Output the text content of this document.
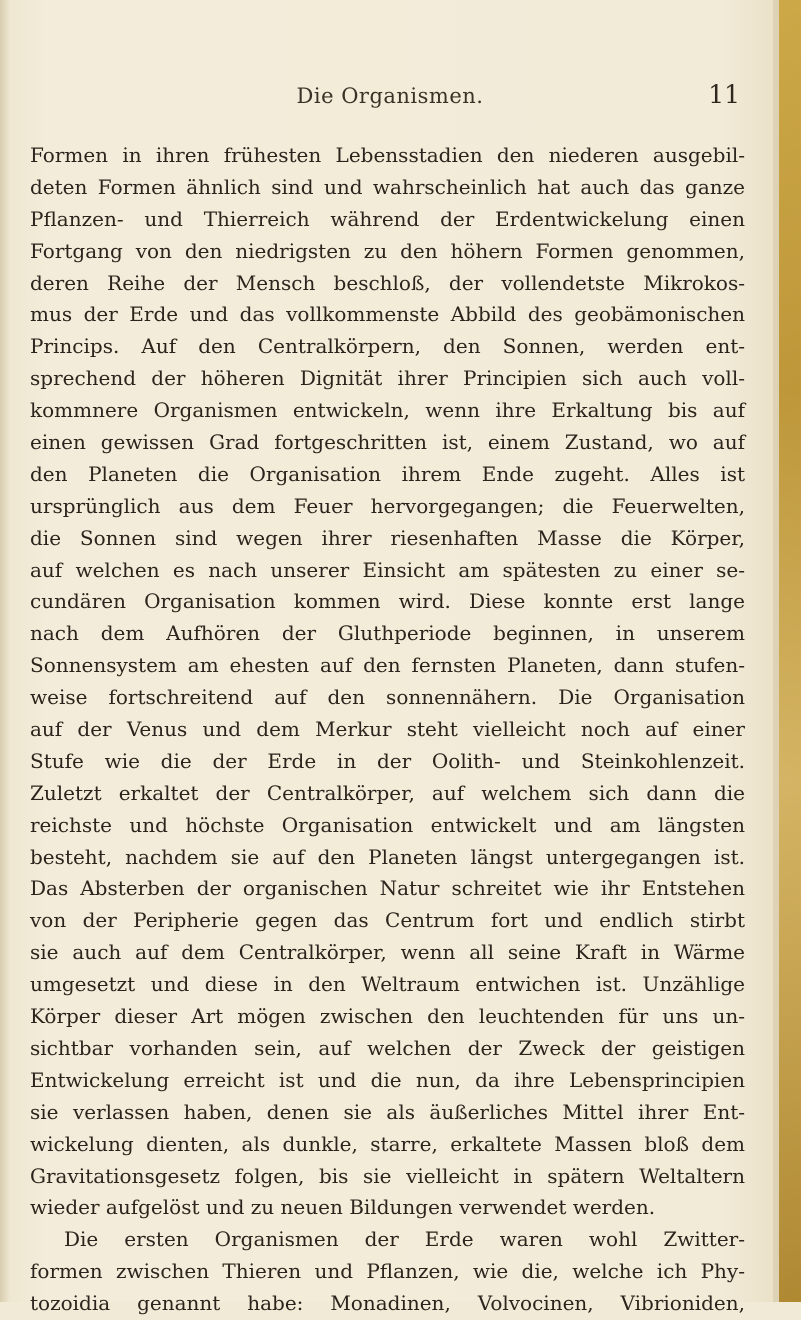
Die Organismen.	11
Formen in ihren frühesten Lebensstadien den niederen ausgebil-
deten Formen ähnlich sind und wahrscheinlich hat auch das ganze
Pflanzen- und Thierreich während der Erdentwickelung einen
Fortgang von den niedrigsten zu den höhern Formen genommen,
deren Reihe der Mensch beschloß, der vollendetste Mikrokos-
mus der Erde und das vollkommenste Abbild des geobämonischen
Princips. Auf den Centralkörpern, den Sonnen, werden ent-
sprechend der höheren Dignität ihrer Principien sich auch voll-
kommnere Organismen entwickeln, wenn ihre Erkaltung bis auf
einen gewissen Grad fortgeschritten ist, einem Zustand, wo auf
den Planeten die Organisation ihrem Ende zugeht. Alles ist
ursprünglich aus dem Feuer hervorgegangen; die Feuerwelten,
die Sonnen sind wegen ihrer riesenhaften Masse die Körper,
auf welchen es nach unserer Einsicht am spätesten zu einer se-
cundären Organisation kommen wird. Diese konnte erst lange
nach dem Aufhören der Gluthperiode beginnen, in unserem
Sonnensystem am ehesten auf den fernsten Planeten, dann stufen-
weise fortschreitend auf den sonnennähern. Die Organisation
auf der Venus und dem Merkur steht vielleicht noch auf einer
Stufe wie die der Erde in der Oolith- und Steinkohlenzeit.
Zuletzt erkaltet der Centralkörper, auf welchem sich dann die
reichste und höchste Organisation entwickelt und am längsten
besteht, nachdem sie auf den Planeten längst untergegangen ist.
Das Absterben der organischen Natur schreitet wie ihr Entstehen
von der Peripherie gegen das Centrum fort und endlich stirbt
sie auch auf dem Centralkörper, wenn all seine Kraft in Wärme
umgesetzt und diese in den Weltraum entwichen ist. Unzählige
Körper dieser Art mögen zwischen den leuchtenden für uns un-
sichtbar vorhanden sein, auf welchen der Zweck der geistigen
Entwickelung erreicht ist und die nun, da ihre Lebensprincipien
sie verlassen haben, denen sie als äußerliches Mittel ihrer Ent-
wickelung dienten, als dunkle, starre, erkaltete Massen bloß dem
Gravitationsgesetz folgen, bis sie vielleicht in spätern Weltaltern
wieder aufgelöst und zu neuen Bildungen verwendet werden.
Die ersten Organismen der Erde waren wohl Zwitter-
formen zwischen Thieren und Pflanzen, wie die, welche ich Phy-
tozoidia genannt habe: Monadinen, Volvocinen, Vibrioniden,
